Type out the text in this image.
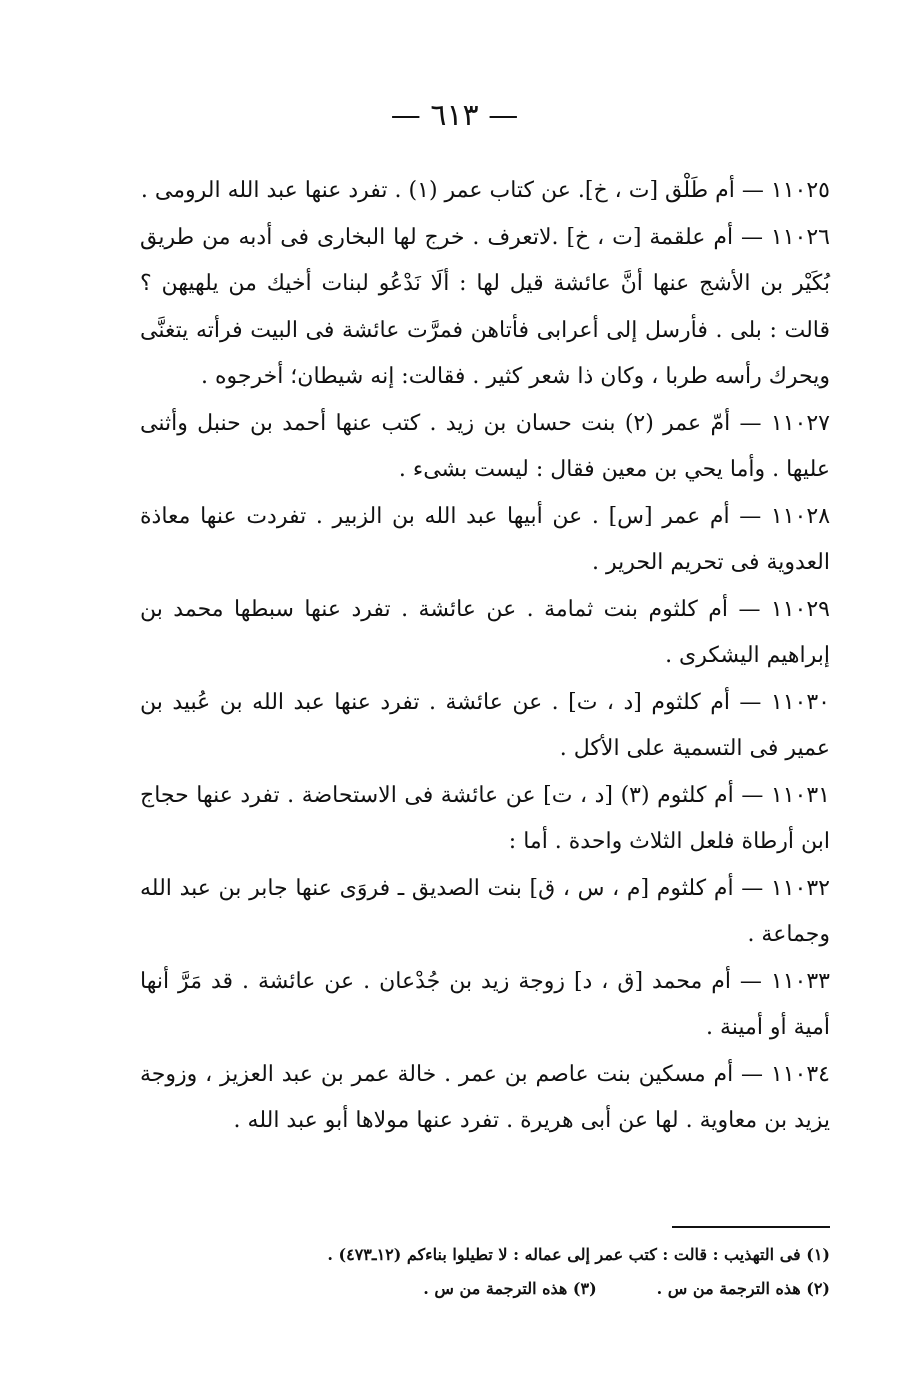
— ٦١٣ —

١١٠٢٥ — أم طَلْق [ت ، خ]. عن كتاب عمر (١) . تفرد عنها عبد الله الرومى .

١١٠٢٦ — أم علقمة [ت ، خ] .لاتعرف . خرج لها البخارى فى أدبه من طريق بُكَيْر بن الأشج عنها أنَّ عائشة قيل لها : ألَا نَدْعُو لبنات أخيك من يلهيهن ؟ قالت : بلى . فأرسل إلى أعرابى فأتاهن فمرَّت عائشة فى البيت فرأته يتغنَّى ويحرك رأسه طربا ، وكان ذا شعر كثير . فقالت: إنه شيطان؛ أخرجوه .

١١٠٢٧ — أمّ عمر (٢) بنت حسان بن زيد . كتب عنها أحمد بن حنبل وأثنى عليها . وأما يحي بن معين فقال : ليست بشىء .

١١٠٢٨ — أم عمر [س] . عن أبيها عبد الله بن الزبير . تفردت عنها معاذة العدوية فى تحريم الحرير .

١١٠٢٩ — أم كلثوم بنت ثمامة . عن عائشة . تفرد عنها سبطها محمد بن إبراهيم اليشكرى .

١١٠٣٠ — أم كلثوم [د ، ت] . عن عائشة . تفرد عنها عبد الله بن عُبيد بن عمير فى التسمية على الأكل .

١١٠٣١ — أم كلثوم (٣) [د ، ت] عن عائشة فى الاستحاضة . تفرد عنها حجاج ابن أرطاة فلعل الثلاث واحدة . أما :

١١٠٣٢ — أم كلثوم [م ، س ، ق] بنت الصديق ـ فروَى عنها جابر بن عبد الله وجماعة .

١١٠٣٣ — أم محمد [ق ، د] زوجة زيد بن جُدْعان . عن عائشة . قد مَرَّ أنها أمية أو أمينة .

١١٠٣٤ — أم مسكين بنت عاصم بن عمر . خالة عمر بن عبد العزيز ، وزوجة يزيد بن معاوية . لها عن أبى هريرة . تفرد عنها مولاها أبو عبد الله .

(١) فى التهذيب : قالت : كتب عمر إلى عماله : لا تطيلوا بناءكم (١٢ـ٤٧٣) .

(٢) هذه الترجمة من س .(٣) هذه الترجمة من س .
